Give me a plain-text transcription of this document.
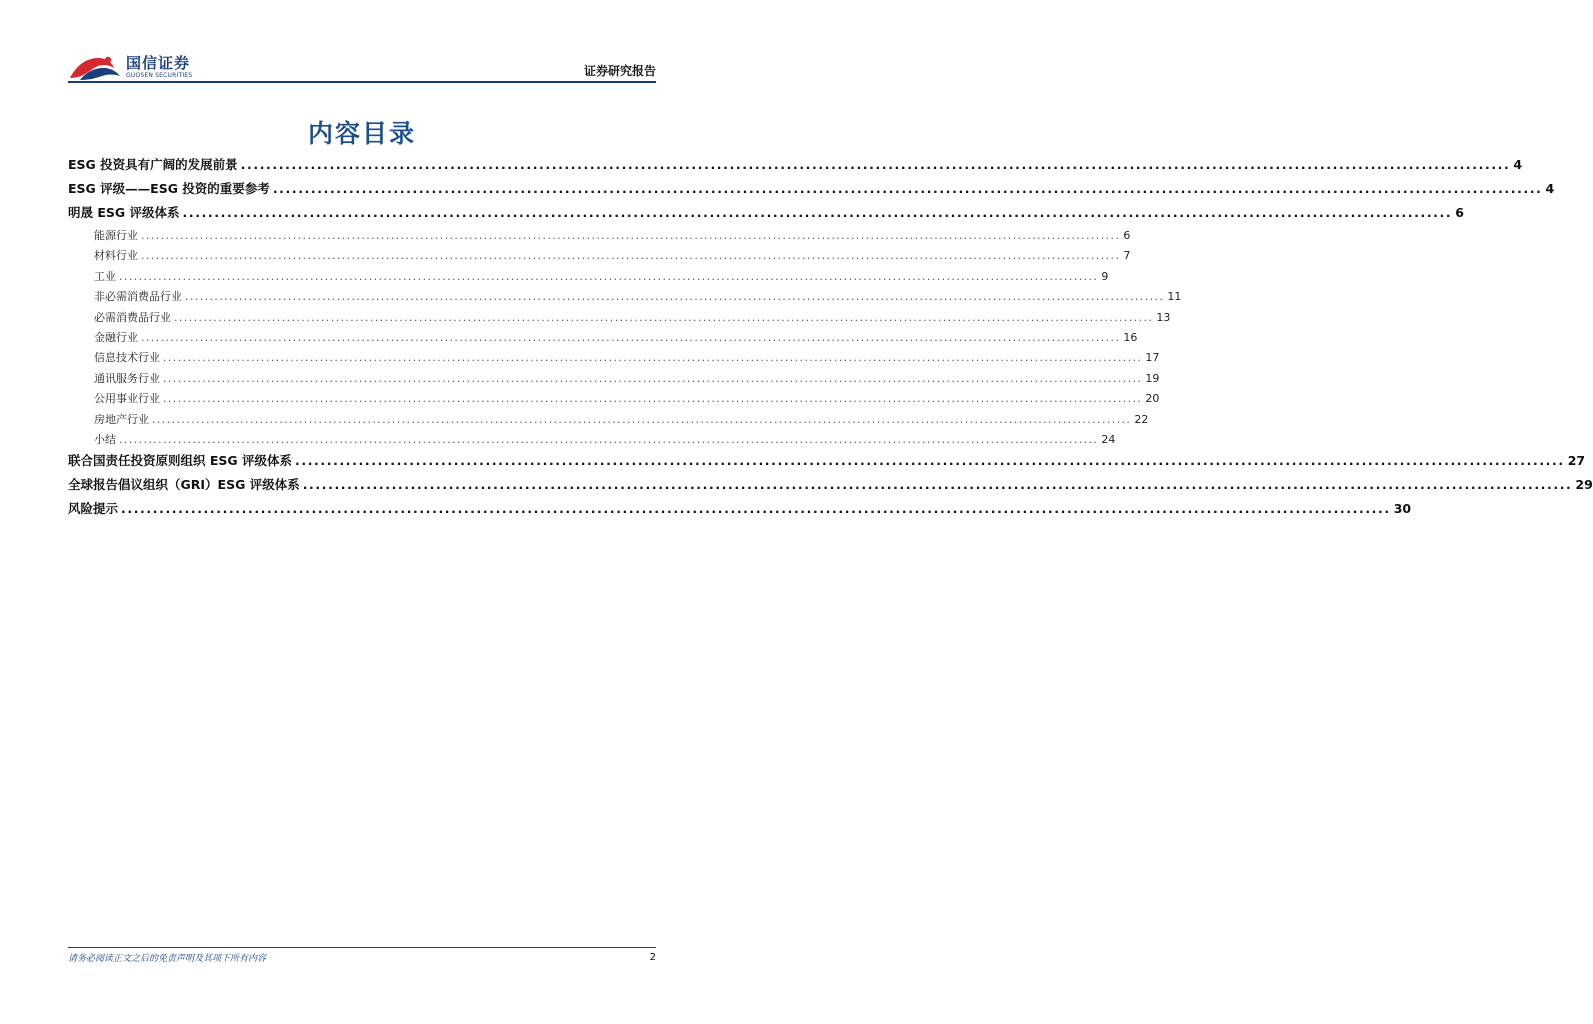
国信证券
GUOSEN SECURITIES	证券研究报告
内容目录
ESG 投资具有广阔的发展前景 ........................................................................................................................................................................................................ 4
ESG 评级——ESG 投资的重要参考 ........................................................................................................................................................................................................ 4
明晟 ESG 评级体系 ........................................................................................................................................................................................................ 6
能源行业 ........................................................................................................................................................................................................ 6
材料行业 ........................................................................................................................................................................................................ 7
工业 ........................................................................................................................................................................................................ 9
非必需消费品行业 ........................................................................................................................................................................................................ 11
必需消费品行业 ........................................................................................................................................................................................................ 13
金融行业 ........................................................................................................................................................................................................ 16
信息技术行业 ........................................................................................................................................................................................................ 17
通讯服务行业 ........................................................................................................................................................................................................ 19
公用事业行业 ........................................................................................................................................................................................................ 20
房地产行业 ........................................................................................................................................................................................................ 22
小结 ........................................................................................................................................................................................................ 24
联合国责任投资原则组织 ESG 评级体系 ........................................................................................................................................................................................................ 27
全球报告倡议组织（GRI）ESG 评级体系 ........................................................................................................................................................................................................ 29
风险提示 ........................................................................................................................................................................................................ 30
请务必阅读正文之后的免责声明及其项下所有内容	2
